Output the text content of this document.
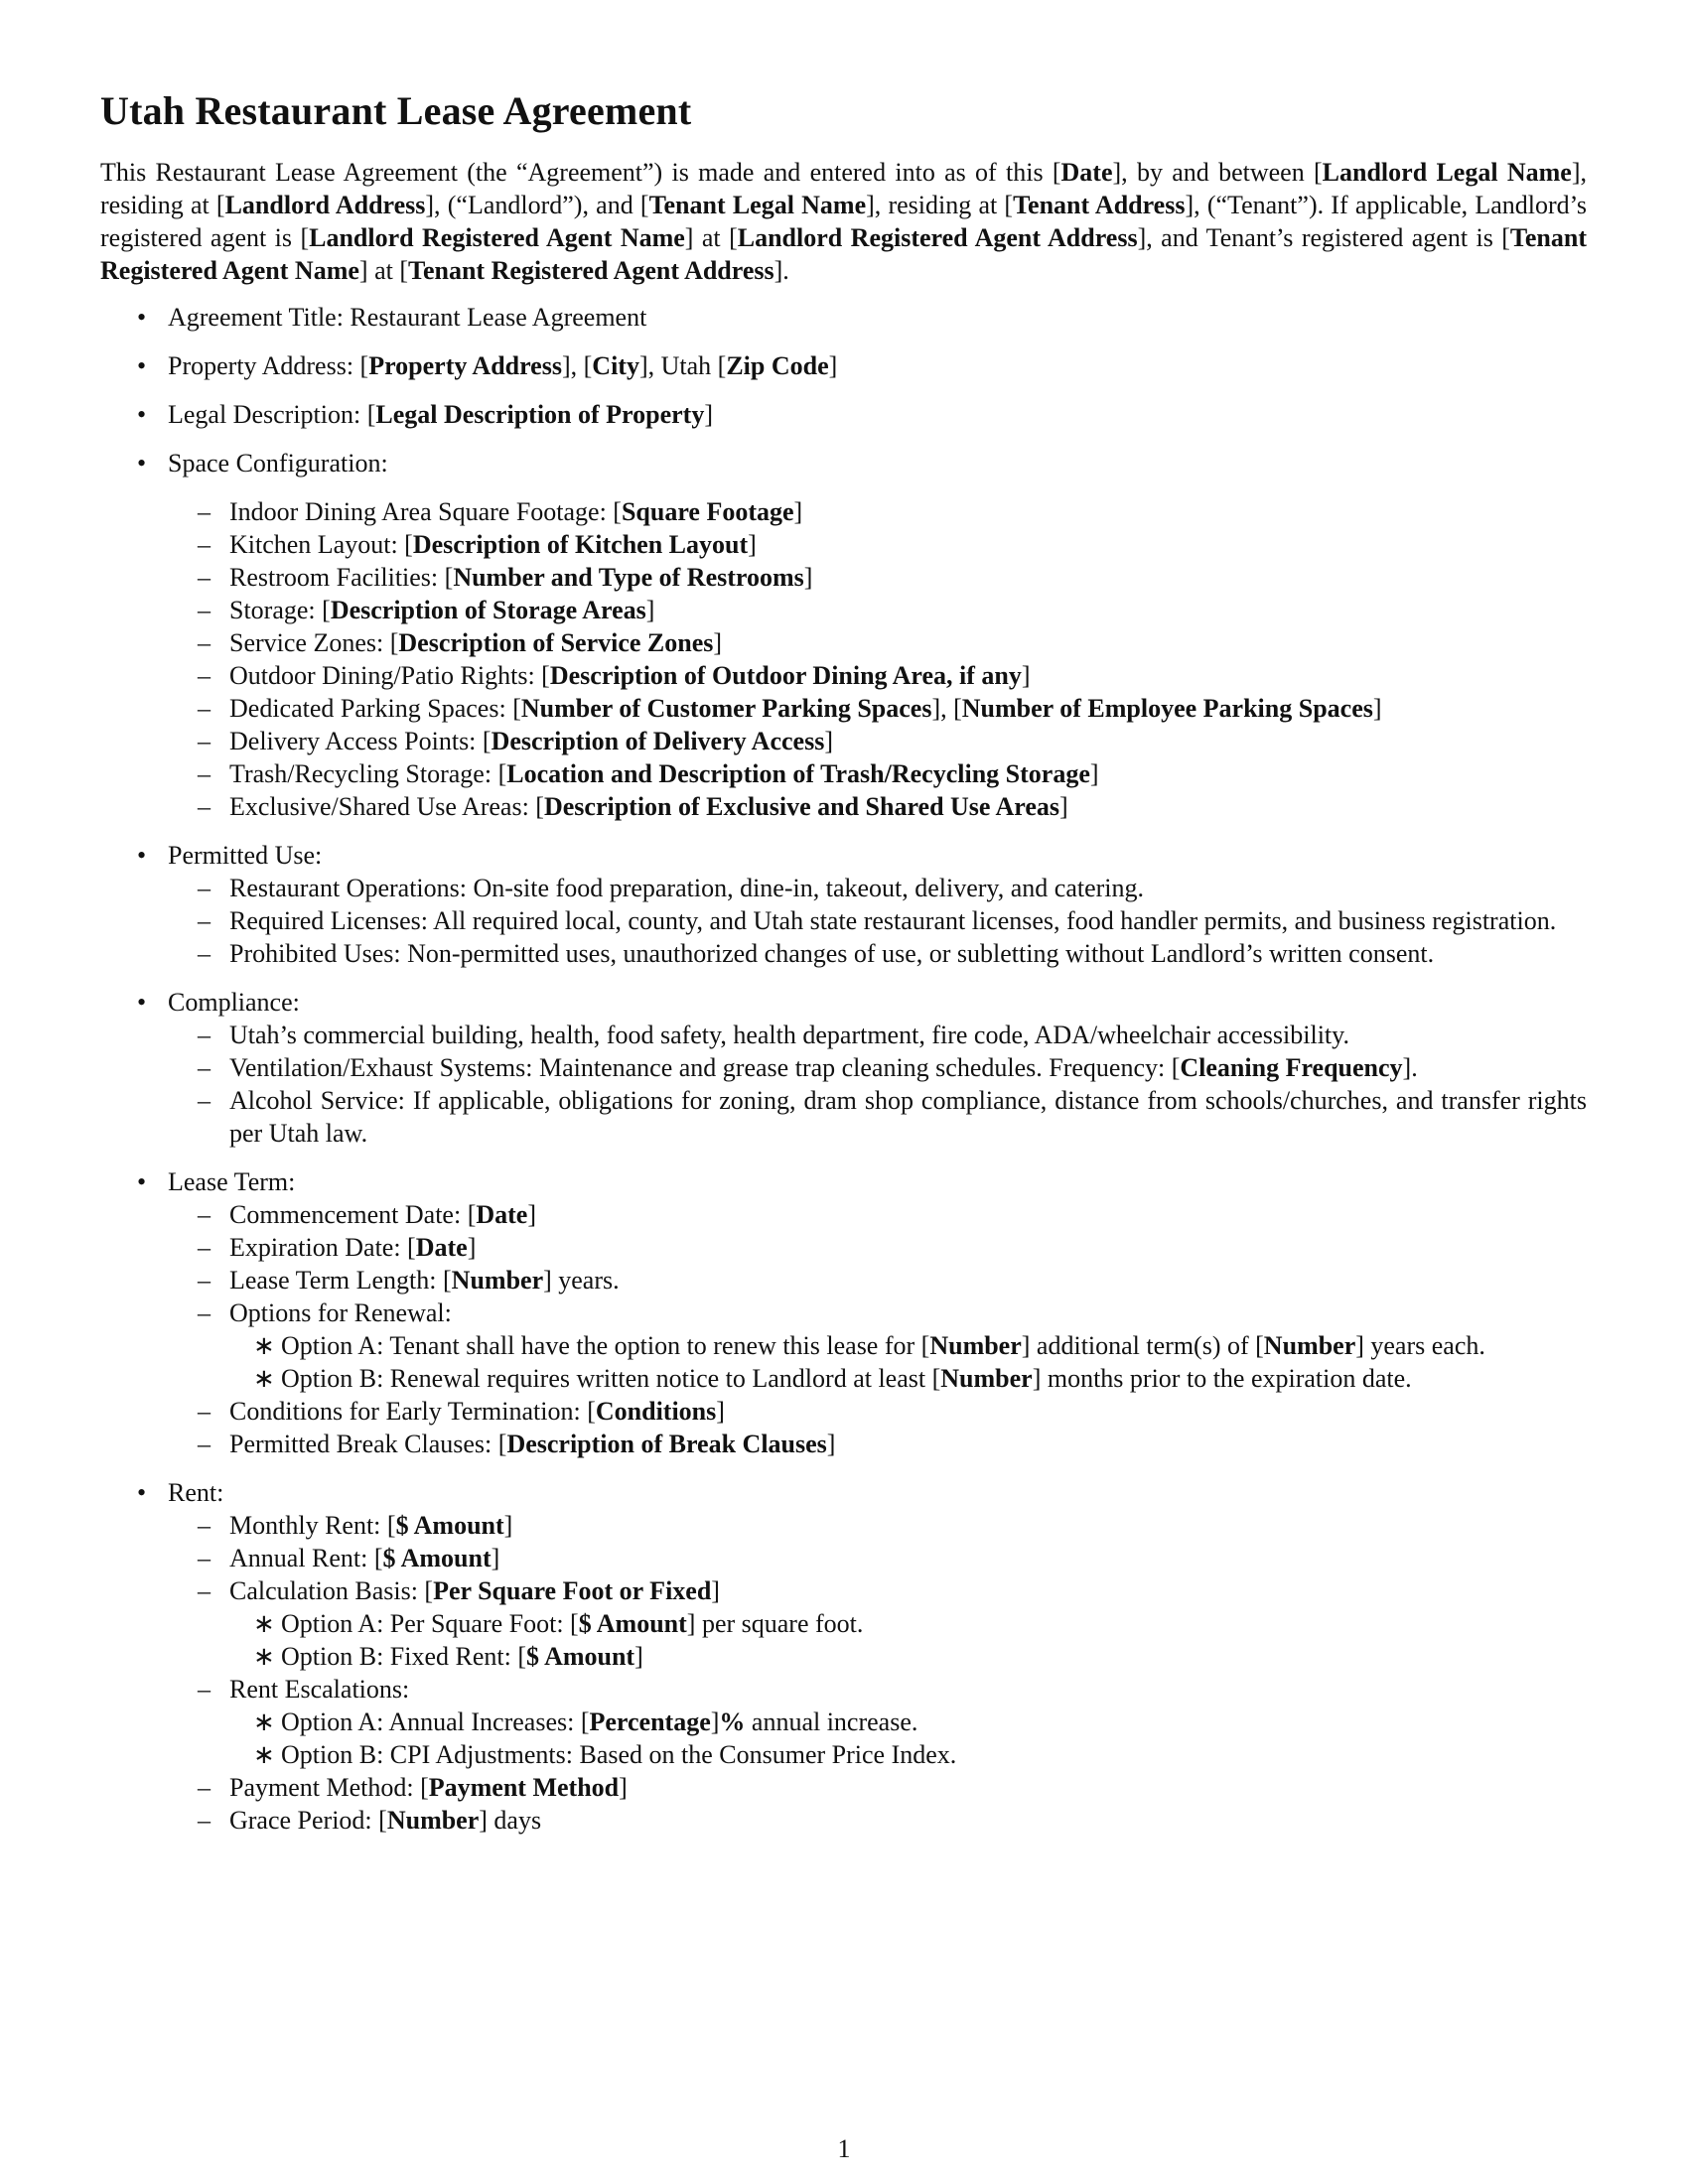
Utah Restaurant Lease Agreement

This Restaurant Lease Agreement (the “Agreement”) is made and entered into as of this [Date], by and between [Landlord Legal Name], residing at [Landlord Address], (“Landlord”), and [Tenant Legal Name], residing at [Tenant Address], (“Tenant”). If applicable, Landlord’s registered agent is [Landlord Registered Agent Name] at [Landlord Registered Agent Address], and Tenant’s registered agent is [Tenant Registered Agent Name] at [Tenant Registered Agent Address].

• Agreement Title: Restaurant Lease Agreement
• Property Address: [Property Address], [City], Utah [Zip Code]
• Legal Description: [Legal Description of Property]
• Space Configuration:
– Indoor Dining Area Square Footage: [Square Footage]
– Kitchen Layout: [Description of Kitchen Layout]
– Restroom Facilities: [Number and Type of Restrooms]
– Storage: [Description of Storage Areas]
– Service Zones: [Description of Service Zones]
– Outdoor Dining/Patio Rights: [Description of Outdoor Dining Area, if any]
– Dedicated Parking Spaces: [Number of Customer Parking Spaces], [Number of Employee Parking Spaces]
– Delivery Access Points: [Description of Delivery Access]
– Trash/Recycling Storage: [Location and Description of Trash/Recycling Storage]
– Exclusive/Shared Use Areas: [Description of Exclusive and Shared Use Areas]
• Permitted Use:
– Restaurant Operations: On-site food preparation, dine-in, takeout, delivery, and catering.
– Required Licenses: All required local, county, and Utah state restaurant licenses, food handler permits, and business registration.
– Prohibited Uses: Non-permitted uses, unauthorized changes of use, or subletting without Landlord’s written consent.
• Compliance:
– Utah’s commercial building, health, food safety, health department, fire code, ADA/wheelchair accessibility.
– Ventilation/Exhaust Systems: Maintenance and grease trap cleaning schedules. Frequency: [Cleaning Frequency].
– Alcohol Service: If applicable, obligations for zoning, dram shop compliance, distance from schools/churches, and transfer rights per Utah law.
• Lease Term:
– Commencement Date: [Date]
– Expiration Date: [Date]
– Lease Term Length: [Number] years.
– Options for Renewal:
∗ Option A: Tenant shall have the option to renew this lease for [Number] additional term(s) of [Number] years each.
∗ Option B: Renewal requires written notice to Landlord at least [Number] months prior to the expiration date.
– Conditions for Early Termination: [Conditions]
– Permitted Break Clauses: [Description of Break Clauses]
• Rent:
– Monthly Rent: [$ Amount]
– Annual Rent: [$ Amount]
– Calculation Basis: [Per Square Foot or Fixed]
∗ Option A: Per Square Foot: [$ Amount] per square foot.
∗ Option B: Fixed Rent: [$ Amount]
– Rent Escalations:
∗ Option A: Annual Increases: [Percentage]% annual increase.
∗ Option B: CPI Adjustments: Based on the Consumer Price Index.
– Payment Method: [Payment Method]
– Grace Period: [Number] days
1
